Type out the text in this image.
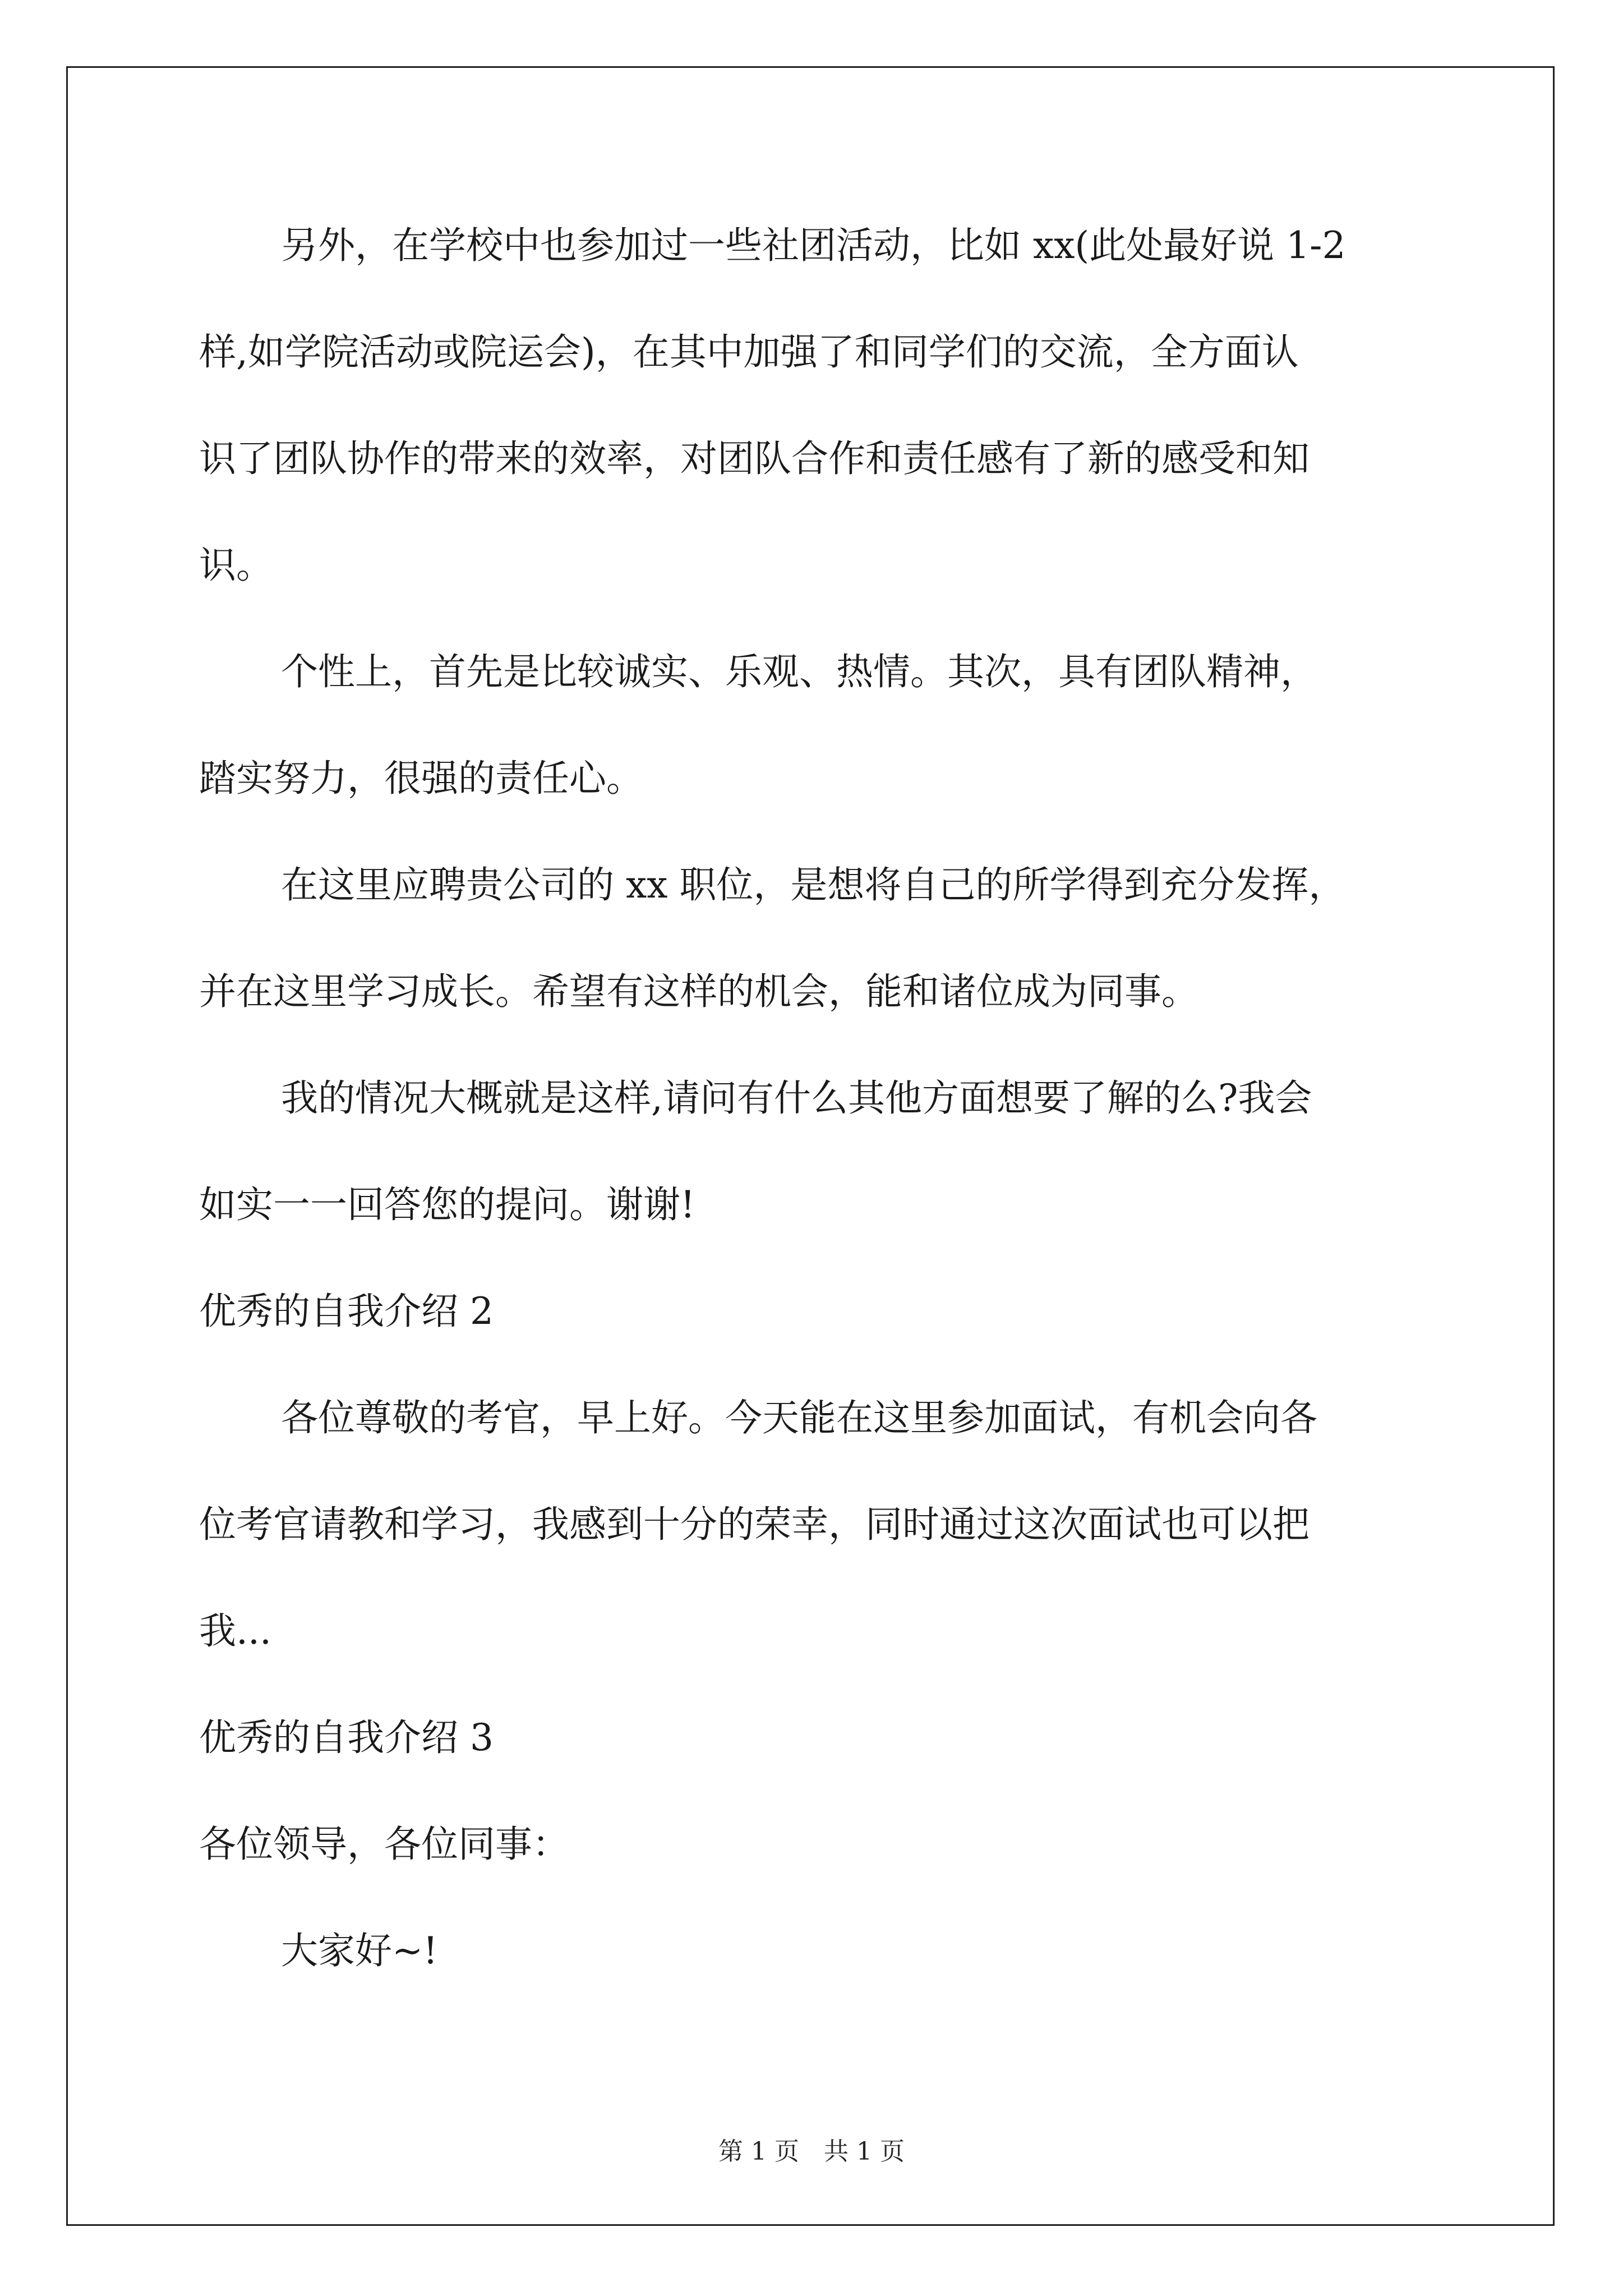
另外，在学校中也参加过一些社团活动，比如 xx(此处最好说 1-2
样,如学院活动或院运会)，在其中加强了和同学们的交流，全方面认
识了团队协作的带来的效率，对团队合作和责任感有了新的感受和知
识。
个性上，首先是比较诚实、乐观、热情。其次，具有团队精神，
踏实努力，很强的责任心。
在这里应聘贵公司的 xx 职位，是想将自己的所学得到充分发挥，
并在这里学习成长。希望有这样的机会，能和诸位成为同事。
我的情况大概就是这样,请问有什么其他方面想要了解的么?我会
如实一一回答您的提问。谢谢!
优秀的自我介绍 2
各位尊敬的考官，早上好。今天能在这里参加面试，有机会向各
位考官请教和学习，我感到十分的荣幸，同时通过这次面试也可以把
我...
优秀的自我介绍 3
各位领导，各位同事：
大家好~!
第 1 页　共 1 页
